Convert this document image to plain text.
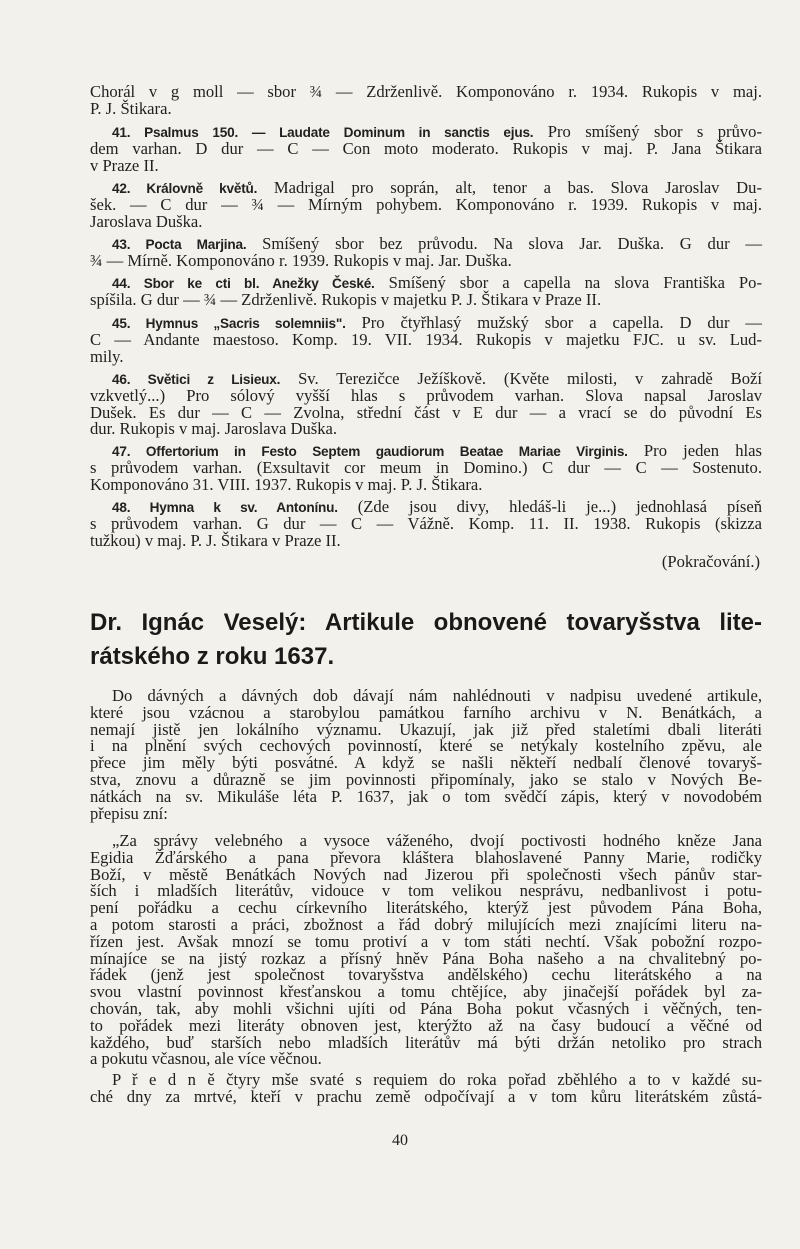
Chorál v g moll — sbor ¾ — Zdrženlivě. Komponováno r. 1934. Rukopis v maj.
P. J. Štikara.
41. Psalmus 150. — Laudate Dominum in sanctis ejus. Pro smíšený sbor s průvo-
dem varhan. D dur — C — Con moto moderato. Rukopis v maj. P. Jana Štikara
v Praze II.
42. Královně květů. Madrigal pro soprán, alt, tenor a bas. Slova Jaroslav Du-
šek. — C dur — ¾ — Mírným pohybem. Komponováno r. 1939. Rukopis v maj.
Jaroslava Duška.
43. Pocta Marjina. Smíšený sbor bez průvodu. Na slova Jar. Duška. G dur —
¾ — Mírně. Komponováno r. 1939. Rukopis v maj. Jar. Duška.
44. Sbor ke cti bl. Anežky České. Smíšený sbor a capella na slova Františka Po-
spíšila. G dur — ¾ — Zdrženlivě. Rukopis v majetku P. J. Štikara v Praze II.
45. Hymnus „Sacris solemniis". Pro čtyřhlasý mužský sbor a capella. D dur —
C — Andante maestoso. Komp. 19. VII. 1934. Rukopis v majetku FJC. u sv. Lud-
mily.
46. Světici z Lisieux. Sv. Terezičce Ježíškově. (Květe milosti, v zahradě Boží
vzkvetlý...) Pro sólový vyšší hlas s průvodem varhan. Slova napsal Jaroslav
Dušek. Es dur — C — Zvolna, střední část v E dur — a vrací se do původní Es
dur. Rukopis v maj. Jaroslava Duška.
47. Offertorium in Festo Septem gaudiorum Beatae Mariae Virginis. Pro jeden hlas
s průvodem varhan. (Exsultavit cor meum in Domino.) C dur — C — Sostenuto.
Komponováno 31. VIII. 1937. Rukopis v maj. P. J. Štikara.
48. Hymna k sv. Antonínu. (Zde jsou divy, hledáš-li je...) jednohlasá píseň
s průvodem varhan. G dur — C — Vážně. Komp. 11. II. 1938. Rukopis (skizza
tužkou) v maj. P. J. Štikara v Praze II.
(Pokračování.)
Dr. Ignác Veselý: Artikule obnovené tovaryšstva lite-
rátského z roku 1637.
Do dávných a dávných dob dávají nám nahlédnouti v nadpisu uvedené artikule,
které jsou vzácnou a starobylou památkou farního archivu v N. Benátkách, a
nemají jistě jen lokálního významu. Ukazují, jak již před staletími dbali literáti
i na plnění svých cechových povinností, které se netýkaly kostelního zpěvu, ale
přece jim měly býti posvátné. A když se našli někteří nedbalí členové tovaryš-
stva, znovu a důrazně se jim povinnosti připomínaly, jako se stalo v Nových Be-
nátkách na sv. Mikuláše léta P. 1637, jak o tom svědčí zápis, který v novodobém
přepisu zní:
„Za správy velebného a vysoce váženého, dvojí poctivosti hodného kněze Jana
Egidia Žďárského a pana převora kláštera blahoslavené Panny Marie, rodičky
Boží, v městě Benátkách Nových nad Jizerou při společnosti všech pánův star-
ších i mladších literátův, vidouce v tom velikou nesprávu, nedbanlivost i potu-
pení pořádku a cechu církevního literátského, kterýž jest původem Pána Boha,
a potom starosti a práci, zbožnost a řád dobrý milujících mezi znajícími literu na-
řízen jest. Avšak mnozí se tomu protiví a v tom státi nechtí. Však pobožní rozpo-
mínajíce se na jistý rozkaz a přísný hněv Pána Boha našeho a na chvalitebný po-
řádek (jenž jest společnost tovaryšstva andělského) cechu literátského a na
svou vlastní povinnost křesťanskou a tomu chtějíce, aby jinačejší pořádek byl za-
chován, tak, aby mohli všichni ujíti od Pána Boha pokut včasných i věčných, ten-
to pořádek mezi literáty obnoven jest, kterýžto až na časy budoucí a věčné od
každého, buď starších nebo mladších literátův má býti držán netoliko pro strach
a pokutu včasnou, ale více věčnou.
P ř e d n ě čtyry mše svaté s requiem do roka pořad zběhlého a to v každé su-
ché dny za mrtvé, kteří v prachu země odpočívají a v tom kůru literátském zůstá-
40
